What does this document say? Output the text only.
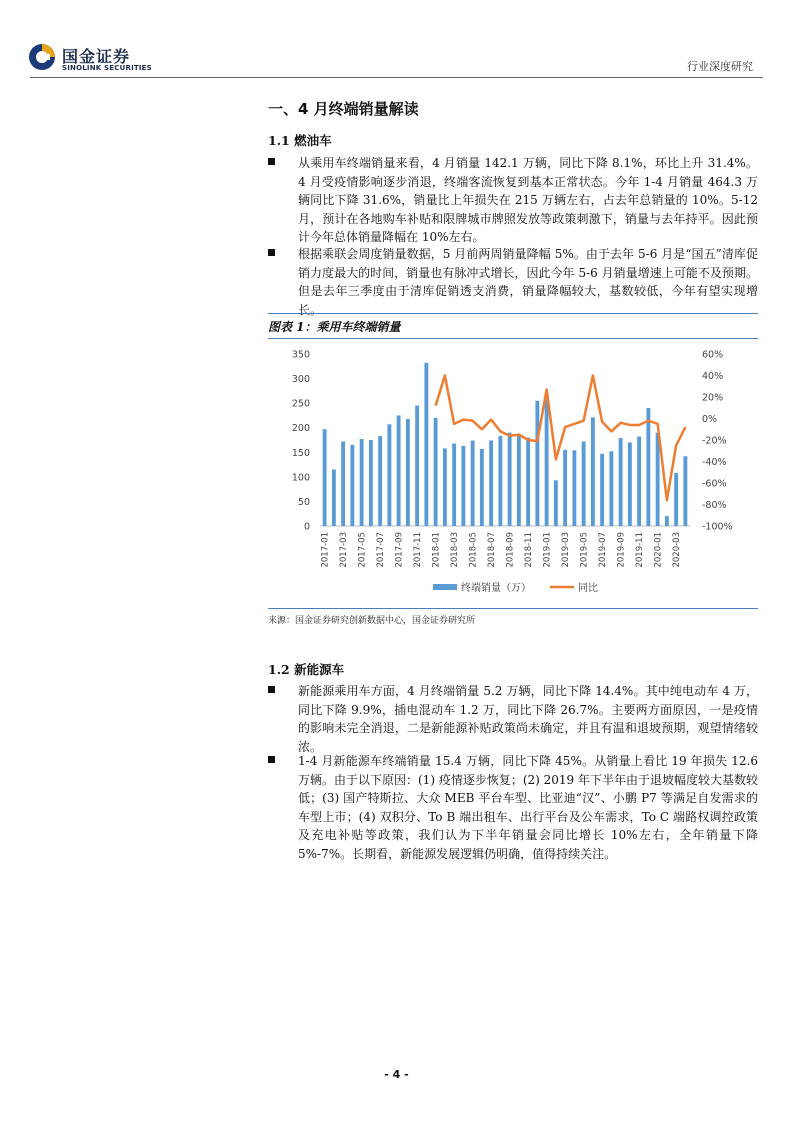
国金证券
SINOLINK SECURITIES	行业深度研究
一、4 月终端销量解读
1.1 燃油车
从乘用车终端销量来看，4 月销量 142.1 万辆，同比下降 8.1%，环比上升 31.4%。4 月受疫情影响逐步消退，终端客流恢复到基本正常状态。今年 1-4 月销量 464.3 万辆同比下降 31.6%，销量比上年损失在 215 万辆左右，占去年总销量的 10%。5-12 月，预计在各地购车补贴和限牌城市牌照发放等政策刺激下，销量与去年持平。因此预计今年总体销量降幅在 10%左右。
根据乘联会周度销量数据，5 月前两周销量降幅 5%。由于去年 5-6 月是“国五”清库促销力度最大的时间，销量也有脉冲式增长，因此今年 5-6 月销量增速上可能不及预期。但是去年三季度由于清库促销透支消费，销量降幅较大，基数较低，今年有望实现增长。
图表 1：乘用车终端销量
0
50
100
150
200
250
300
350
-100%
-80%
-60%
-40%
-20%
0%
20%
40%
60%
2017-01 2017-03 2017-05 2017-07 2017-09 2017-11 2018-01 2018-03 2018-05 2018-07 2018-09 2018-11 2019-01 2019-03 2019-05 2019-07 2019-09 2019-11 2020-01 2020-03
终端销量（万）	同比
来源：国金证券研究创新数据中心，国金证券研究所
1.2 新能源车
新能源乘用车方面，4 月终端销量 5.2 万辆，同比下降 14.4%。其中纯电动车 4 万，同比下降 9.9%，插电混动车 1.2 万，同比下降 26.7%。主要两方面原因，一是疫情的影响未完全消退，二是新能源补贴政策尚未确定，并且有温和退坡预期，观望情绪较浓。
1-4 月新能源车终端销量 15.4 万辆，同比下降 45%。从销量上看比 19 年损失 12.6 万辆。由于以下原因：(1) 疫情逐步恢复；(2) 2019 年下半年由于退坡幅度较大基数较低；(3) 国产特斯拉、大众 MEB 平台车型、比亚迪“汉”、小鹏 P7 等满足自发需求的车型上市；(4) 双积分、To B 端出租车、出行平台及公车需求，To C 端路权调控政策及充电补贴等政策，我们认为下半年销量会同比增长 10%左右，全年销量下降 5%-7%。长期看，新能源发展逻辑仍明确，值得持续关注。
- 4 -
